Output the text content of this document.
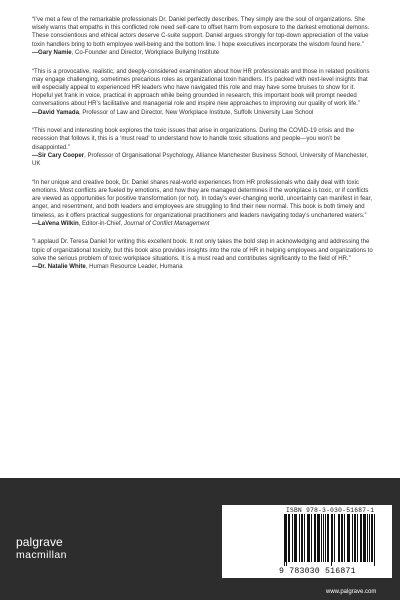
“I’ve met a few of the remarkable professionals Dr. Daniel perfectly describes. They simply are the soul of organizations. She wisely warns that empaths in this conflicted role need self-care to offset harm from exposure to the darkest emotional demons. These conscientious and ethical actors deserve C-suite support. Daniel argues strongly for top-down appreciation of the value toxin handlers bring to both employee well-being and the bottom line. I hope executives incorporate the wisdom found here.”

—Gary Namie, Co-Founder and Director, Workplace Bullying Institute

“This is a provocative, realistic, and deeply-considered examination about how HR professionals and those in related positions may engage challenging, sometimes precarious roles as organizational toxin handlers. It’s packed with next-level insights that will especially appeal to experienced HR leaders who have navigated this role and may have some bruises to show for it. Hopeful yet frank in voice, practical in approach while being grounded in research, this important book will prompt needed conversations about HR’s facilitative and managerial role and inspire new approaches to improving our quality of work life.”

—David Yamada, Professor of Law and Director, New Workplace Institute, Suffolk University Law School

“This novel and interesting book explores the toxic issues that arise in organizations. During the COVID-19 crisis and the recession that follows it, this is a ‘must read’ to understand how to handle toxic situations and people—you won’t be disappointed.”

—Sir Cary Cooper, Professor of Organisational Psychology, Alliance Manchester Business School, University of Manchester, UK

“In her unique and creative book, Dr. Daniel shares real-world experiences from HR professionals who daily deal with toxic emotions. Most conflicts are fueled by emotions, and how they are managed determines if the workplace is toxic, or if conflicts are viewed as opportunities for positive transformation (or not). In today’s ever-changing world, uncertainty can manifest in fear, anger, and resentment, and both leaders and employees are struggling to find their new normal. This book is both timely and timeless, as it offers practical suggestions for organizational practitioners and leaders navigating today’s unchartered waters.”

—LaVena Wilkin, Editor-in-Chief, Journal of Conflict Management

“I applaud Dr. Teresa Daniel for writing this excellent book. It not only takes the bold step in acknowledging and addressing the topic of organizational toxicity, but this book also provides insights into the role of HR in helping employees and organizations to solve the serious problem of toxic workplace situations. It is a must read and contributes significantly to the field of HR.”

—Dr. Natalie White, Human Resource Leader, Humana

palgrave
macmillan
ISBN 978-3-030-51687-1
9 783030 516871
www.palgrave.com
